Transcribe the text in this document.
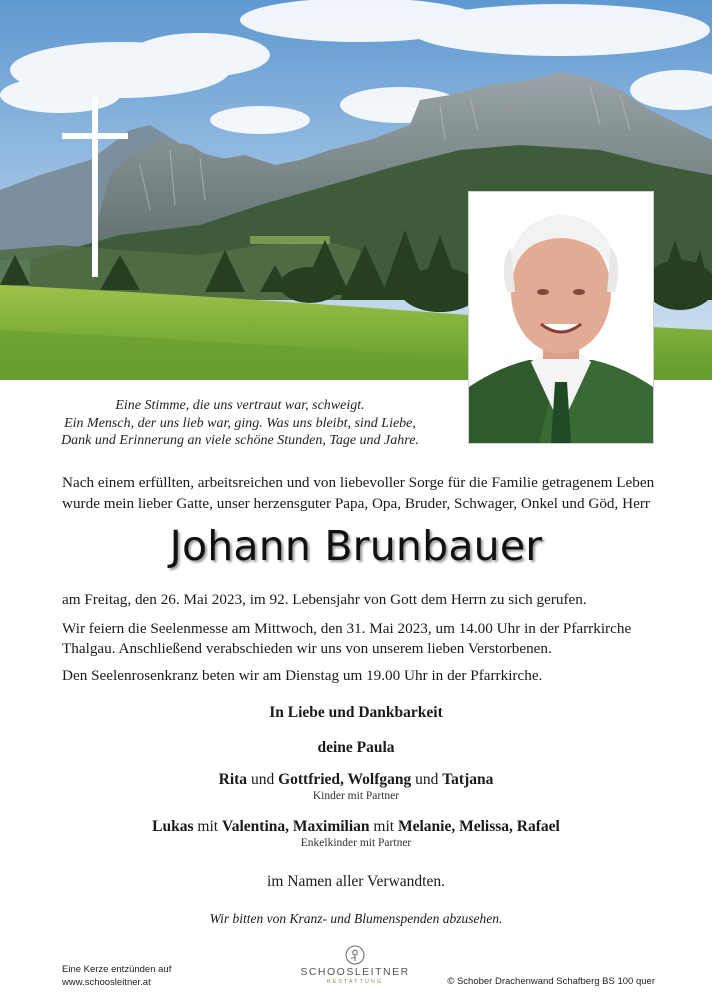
Eine Stimme, die uns vertraut war, schweigt.
Ein Mensch, der uns lieb war, ging. Was uns bleibt, sind Liebe,
Dank und Erinnerung an viele schöne Stunden, Tage und Jahre.
Nach einem erfüllten, arbeitsreichen und von liebevoller Sorge für die Familie getragenem Leben
wurde mein lieber Gatte, unser herzensguter Papa, Opa, Bruder, Schwager, Onkel und Göd, Herr
Johann Brunbauer
am Freitag, den 26. Mai 2023, im 92. Lebensjahr von Gott dem Herrn zu sich gerufen.
Wir feiern die Seelenmesse am Mittwoch, den 31. Mai 2023, um 14.00 Uhr in der Pfarrkirche
Thalgau. Anschließend verabschieden wir uns von unserem lieben Verstorbenen.
Den Seelenrosenkranz beten wir am Dienstag um 19.00 Uhr in der Pfarrkirche.
In Liebe und Dankbarkeit
deine Paula
Rita und Gottfried, Wolfgang und Tatjana
Kinder mit Partner
Lukas mit Valentina, Maximilian mit Melanie, Melissa, Rafael
Enkelkinder mit Partner
im Namen aller Verwandten.
Wir bitten von Kranz- und Blumenspenden abzusehen.
Eine Kerze entzünden auf
www.schoosleitner.at
SCHOOSLEITNER
BESTATTUNG	© Schober Drachenwand Schafberg BS 100 quer
